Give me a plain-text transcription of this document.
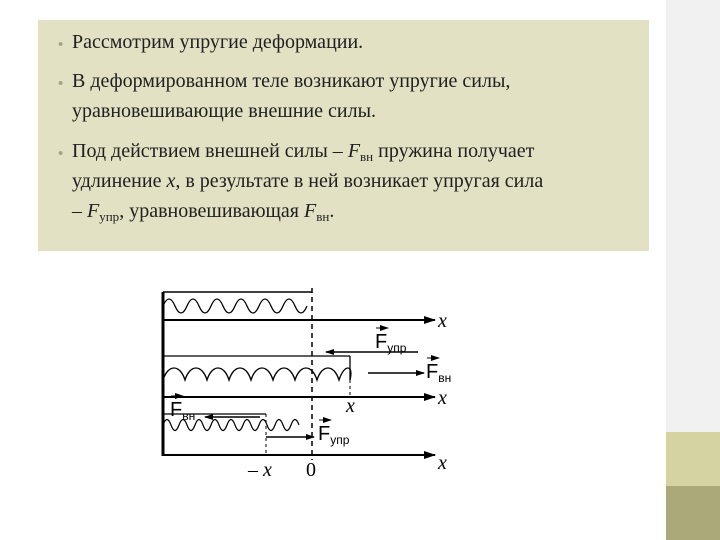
• Рассмотрим упругие деформации.
• В деформированном теле возникают упругие силы,
уравновешивающие внешние силы.
• Под действием внешней силы – $F_{вн}$ пружина получает
удлинение x, в результате в ней возникает упругая сила
– $F_{упр}$, уравновешивающая $F_{вн}$.
x
x
x
$F_{упр}$
$F_{вн}$
x
$F_{вн}$
$F_{упр}$
– x 0
